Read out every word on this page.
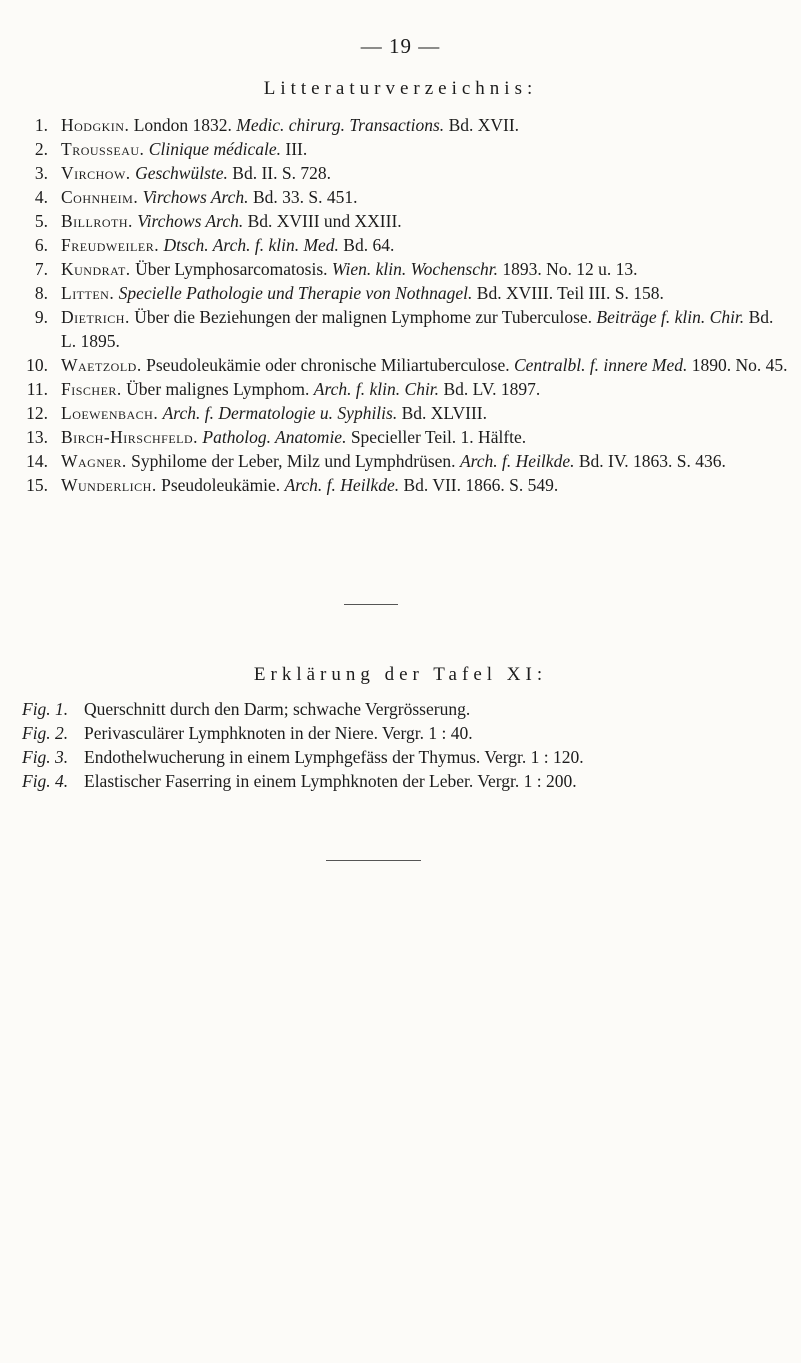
— 19 —
Litteraturverzeichnis:
1. Hodgkin. London 1832. Medic. chirurg. Transactions. Bd. XVII.
2. Trousseau. Clinique médicale. III.
3. Virchow. Geschwülste. Bd. II. S. 728.
4. Cohnheim. Virchows Arch. Bd. 33. S. 451.
5. Billroth. Virchows Arch. Bd. XVIII und XXIII.
6. Freudweiler. Dtsch. Arch. f. klin. Med. Bd. 64.
7. Kundrat. Über Lymphosarcomatosis. Wien. klin. Wochenschr. 1893. No. 12 u. 13.
8. Litten. Specielle Pathologie und Therapie von Nothnagel. Bd. XVIII. Teil III. S. 158.
9. Dietrich. Über die Beziehungen der malignen Lymphome zur Tuberculose. Beiträge f. klin. Chir. Bd. L. 1895.
10. Waetzold. Pseudoleukämie oder chronische Miliartuberculose. Centralbl. f. innere Med. 1890. No. 45.
11. Fischer. Über malignes Lymphom. Arch. f. klin. Chir. Bd. LV. 1897.
12. Loewenbach. Arch. f. Dermatologie u. Syphilis. Bd. XLVIII.
13. Birch-Hirschfeld. Patholog. Anatomie. Specieller Teil. 1. Hälfte.
14. Wagner. Syphilome der Leber, Milz und Lymphdrüsen. Arch. f. Heilkde. Bd. IV. 1863. S. 436.
15. Wunderlich. Pseudoleukämie. Arch. f. Heilkde. Bd. VII. 1866. S. 549.
Erklärung der Tafel XI:
Fig. 1. Querschnitt durch den Darm; schwache Vergrösserung.
Fig. 2. Perivasculärer Lymphknoten in der Niere. Vergr. 1 : 40.
Fig. 3. Endothelwucherung in einem Lymphgefäss der Thymus. Vergr. 1 : 120.
Fig. 4. Elastischer Faserring in einem Lymphknoten der Leber. Vergr. 1 : 200.
